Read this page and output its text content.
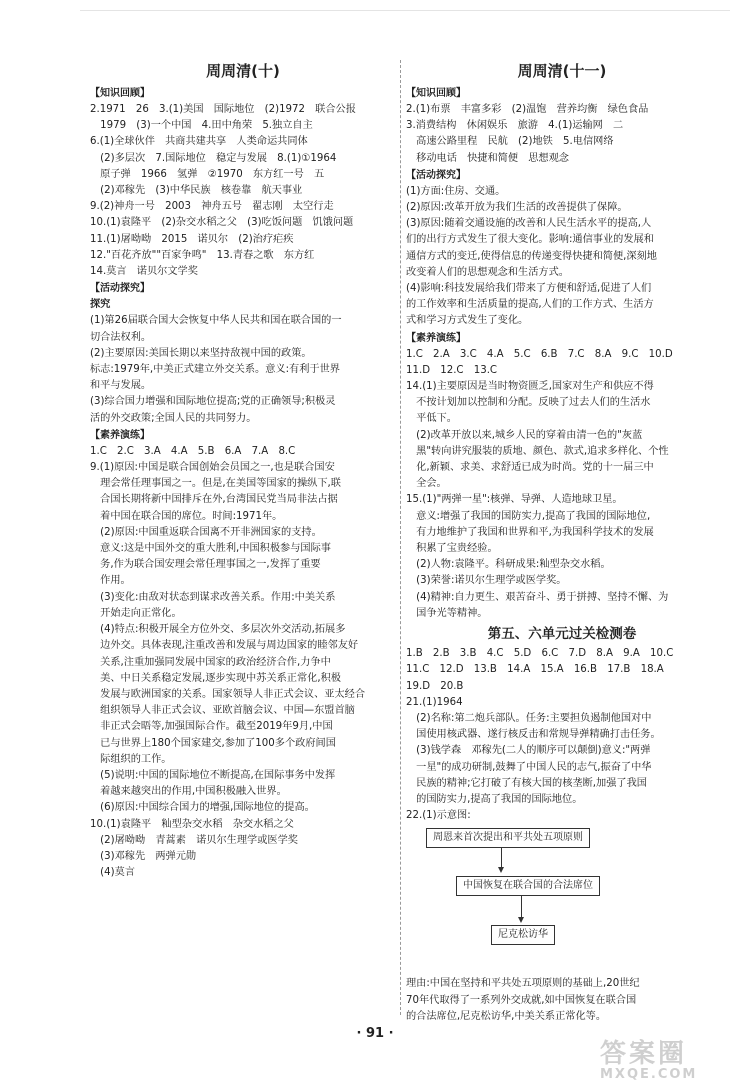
周周清(十)
【 知识回顾 】
2.1971　26　3.(1)美国　国际地位　(2)1972　联合公报
　1979　(3)一个中国　4.田中角荣　5.独立自主
6.(1)全球伙伴　共商共建共享　人类命运共同体
　(2)多层次　7.国际地位　稳定与发展　8.(1)①1964
　原子弹　1966　氢弹　②1970　东方红一号　五
　(2)邓稼先　(3)中华民族　核卷靠　航天事业
9.(2)神舟一号　2003　神舟五号　翟志刚　太空行走
10.(1)袁隆平　(2)杂交水稻之父　(3)吃饭问题　饥饿问题
11.(1)屠呦呦　2015　诺贝尔　(2)治疗疟疾
12."百花齐放""百家争鸣"　13.青春之歌　东方红
14.莫言　诺贝尔文学奖
【 活动探究 】
探究
(1)第26届联合国大会恢复中华人民共和国在联合国的一
切合法权利。
(2)主要原因:美国长期以来坚持敌视中国的政策。
标志:1979年,中美正式建立外交关系。意义:有利于世界
和平与发展。
(3)综合国力增强和国际地位提高;党的正确领导;积极灵
活的外交政策;全国人民的共同努力。
【 素养演练 】
1.C　2.C　3.A　4.A　5.B　6.A　7.A　8.C
9.(1)原因:中国是联合国创始会员国之一,也是联合国安
　理会常任理事国之一。但是,在美国等国家的操纵下,联
　合国长期将新中国排斥在外,台湾国民党当局非法占据
　着中国在联合国的席位。时间:1971年。
　(2)原因:中国重返联合国离不开非洲国家的支持。
　意义:这是中国外交的重大胜利,中国积极参与国际事
　务,作为联合国安理会常任理事国之一,发挥了重要
　作用。
　(3)变化:由敌对状态到谋求改善关系。作用:中美关系
　开始走向正常化。
　(4)特点:积极开展全方位外交、多层次外交活动,拓展多
　边外交。具体表现,注重改善和发展与周边国家的睦邻友好
　关系,注重加强同发展中国家的政治经济合作,力争中
　美、中日关系稳定发展,逐步实现中苏关系正常化,积极
　发展与欧洲国家的关系。国家领导人非正式会议、亚太经合
　组织领导人非正式会议、亚欧首脑会议、中国—东盟首脑
　非正式会晤等,加强国际合作。截至2019年9月,中国
　已与世界上180个国家建交,参加了100多个政府间国
　际组织的工作。
　(5)说明:中国的国际地位不断提高,在国际事务中发挥
　着越来越突出的作用,中国积极融入世界。
　(6)原因:中国综合国力的增强,国际地位的提高。
10.(1)袁隆平　籼型杂交水稻　杂交水稻之父
　(2)屠呦呦　青蒿素　诺贝尔生理学或医学奖
　(3)邓稼先　两弹元勋
　(4)莫言
周周清(十一)
【 知识回顾 】
2.(1)布票　丰富多彩　(2)温饱　营养均衡　绿色食品
3.消费结构　休闲娱乐　旅游　4.(1)运输网　二
　高速公路里程　民航　(2)地铁　5.电信网络
　移动电话　快捷和简便　思想观念
【 活动探究 】
(1)方面:住房、交通。
(2)原因:改革开放为我们生活的改善提供了保障。
(3)原因:随着交通设施的改善和人民生活水平的提高,人
们的出行方式发生了很大变化。影响:通信事业的发展和
通信方式的变迁,使得信息的传递变得快捷和简便,深刻地
改变着人们的思想观念和生活方式。
(4)影响:科技发展给我们带来了方便和舒适,促进了人们
的工作效率和生活质量的提高,人们的工作方式、生活方
式和学习方式发生了变化。
【 素养演练 】
1.C　2.A　3.C　4.A　5.C　6.B　7.C　8.A　9.C　10.D
11.D　12.C　13.C
14.(1)主要原因是当时物资匮乏,国家对生产和供应不得
　不按计划加以控制和分配。反映了过去人们的生活水
　平低下。
　(2)改革开放以来,城乡人民的穿着由清一色的"灰蓝
　黑"转向讲究服装的质地、颜色、款式,追求多样化、个性
　化,新颖、求美、求舒适已成为时尚。党的十一届三中
　全会。
15.(1)"两弹一星":核弹、导弹、人造地球卫星。
　意义:增强了我国的国防实力,提高了我国的国际地位,
　有力地维护了我国和世界和平,为我国科学技术的发展
　积累了宝贵经验。
　(2)人物:袁隆平。科研成果:籼型杂交水稻。
　(3)荣誉:诺贝尔生理学或医学奖。
　(4)精神:自力更生、艰苦奋斗、勇于拼搏、坚持不懈、为
　国争光等精神。
第五、六单元过关检测卷
1.B　2.B　3.B　4.C　5.D　6.C　7.D　8.A　9.A　10.C
11.C　12.D　13.B　14.A　15.A　16.B　17.B　18.A
19.D　20.B
21.(1)1964
　(2)名称:第二炮兵部队。任务:主要担负遏制他国对中
　国使用核武器、遂行核反击和常规导弹精确打击任务。
　(3)钱学森　邓稼先(二人的顺序可以颠倒)意义:"两弹
　一星"的成功研制,鼓舞了中国人民的志气,振奋了中华
　民族的精神;它打破了有核大国的核垄断,加强了我国
　的国防实力,提高了我国的国际地位。
22.(1)示意图:
周恩来首次提出和平共处五项原则
中国恢复在联合国的合法席位
尼克松访华
理由:中国在坚持和平共处五项原则的基础上,20世纪
70年代取得了一系列外交成就,如中国恢复在联合国
的合法席位,尼克松访华,中美关系正常化等。
· 91 ·
答案圈
MXQE.COM
